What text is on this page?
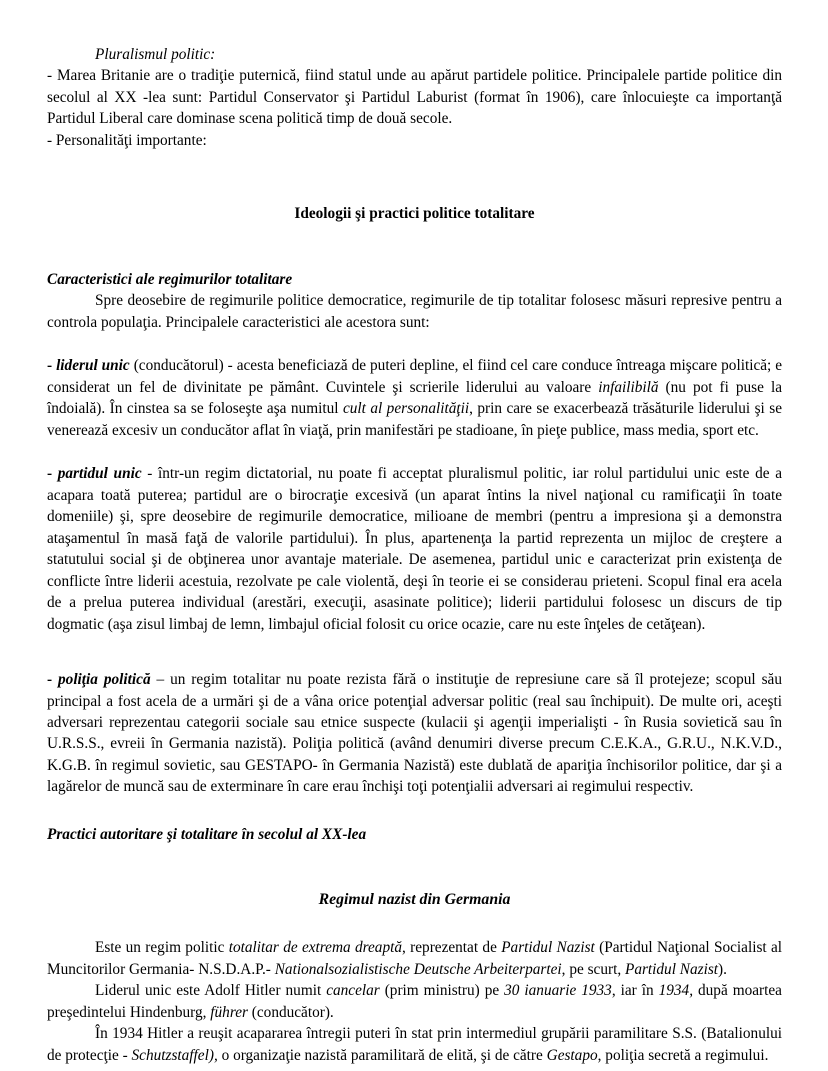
Pluralismul politic:

- Marea Britanie are o tradiţie puternică, fiind statul unde au apărut partidele politice. Principalele partide politice din secolul al XX -lea sunt: Partidul Conservator şi Partidul Laburist (format în 1906), care înlocuieşte ca importanţă Partidul Liberal care dominase scena politică timp de două secole.

- Personalităţi importante:

Ideologii şi practici politice totalitare

Caracteristici ale regimurilor totalitare

Spre deosebire de regimurile politice democratice, regimurile de tip totalitar folosesc măsuri represive pentru a controla populaţia. Principalele caracteristici ale acestora sunt:

- liderul unic (conducătorul) - acesta beneficiază de puteri depline, el fiind cel care conduce întreaga mişcare politică; e considerat un fel de divinitate pe pământ. Cuvintele şi scrierile liderului au valoare infailibilă (nu pot fi puse la îndoială). În cinstea sa se foloseşte aşa numitul cult al personalităţii, prin care se exacerbează trăsăturile liderului şi se venerează excesiv un conducător aflat în viaţă, prin manifestări pe stadioane, în pieţe publice, mass media, sport etc.

- partidul unic - într-un regim dictatorial, nu poate fi acceptat pluralismul politic, iar rolul partidului unic este de a acapara toată puterea; partidul are o birocraţie excesivă (un aparat întins la nivel naţional cu ramificaţii în toate domeniile) şi, spre deosebire de regimurile democratice, milioane de membri (pentru a impresiona şi a demonstra ataşamentul în masă faţă de valorile partidului). În plus, apartenenţa la partid reprezenta un mijloc de creştere a statutului social şi de obţinerea unor avantaje materiale. De asemenea, partidul unic e caracterizat prin existenţa de conflicte între liderii acestuia, rezolvate pe cale violentă, deşi în teorie ei se considerau prieteni. Scopul final era acela de a prelua puterea individual (arestări, execuţii, asasinate politice); liderii partidului folosesc un discurs de tip dogmatic (aşa zisul limbaj de lemn, limbajul oficial folosit cu orice ocazie, care nu este înţeles de cetăţean).

- poliţia politică – un regim totalitar nu poate rezista fără o instituţie de represiune care să îl protejeze; scopul său principal a fost acela de a urmări şi de a vâna orice potenţial adversar politic (real sau închipuit). De multe ori, aceşti adversari reprezentau categorii sociale sau etnice suspecte (kulacii şi agenţii imperialişti - în Rusia sovietică sau în U.R.S.S., evreii în Germania nazistă). Poliţia politică (având denumiri diverse precum C.E.K.A., G.R.U., N.K.V.D., K.G.B. în regimul sovietic, sau GESTAPO- în Germania Nazistă) este dublată de apariţia închisorilor politice, dar şi a lagărelor de muncă sau de exterminare în care erau închişi toţi potenţialii adversari ai regimului respectiv.

Practici autoritare şi totalitare în secolul al XX-lea

Regimul nazist din Germania

Este un regim politic totalitar de extrema dreaptă, reprezentat de Partidul Nazist (Partidul Naţional Socialist al Muncitorilor Germania- N.S.D.A.P.- Nationalsozialistische Deutsche Arbeiterpartei, pe scurt, Partidul Nazist).

Liderul unic este Adolf Hitler numit cancelar (prim ministru) pe 30 ianuarie 1933, iar în 1934, după moartea preşedintelui Hindenburg, führer (conducător).

În 1934 Hitler a reuşit acapararea întregii puteri în stat prin intermediul grupării paramilitare S.S. (Batalionului de protecţie - Schutzstaffel), o organizaţie nazistă paramilitară de elită, şi de către Gestapo, poliţia secretă a regimului.
